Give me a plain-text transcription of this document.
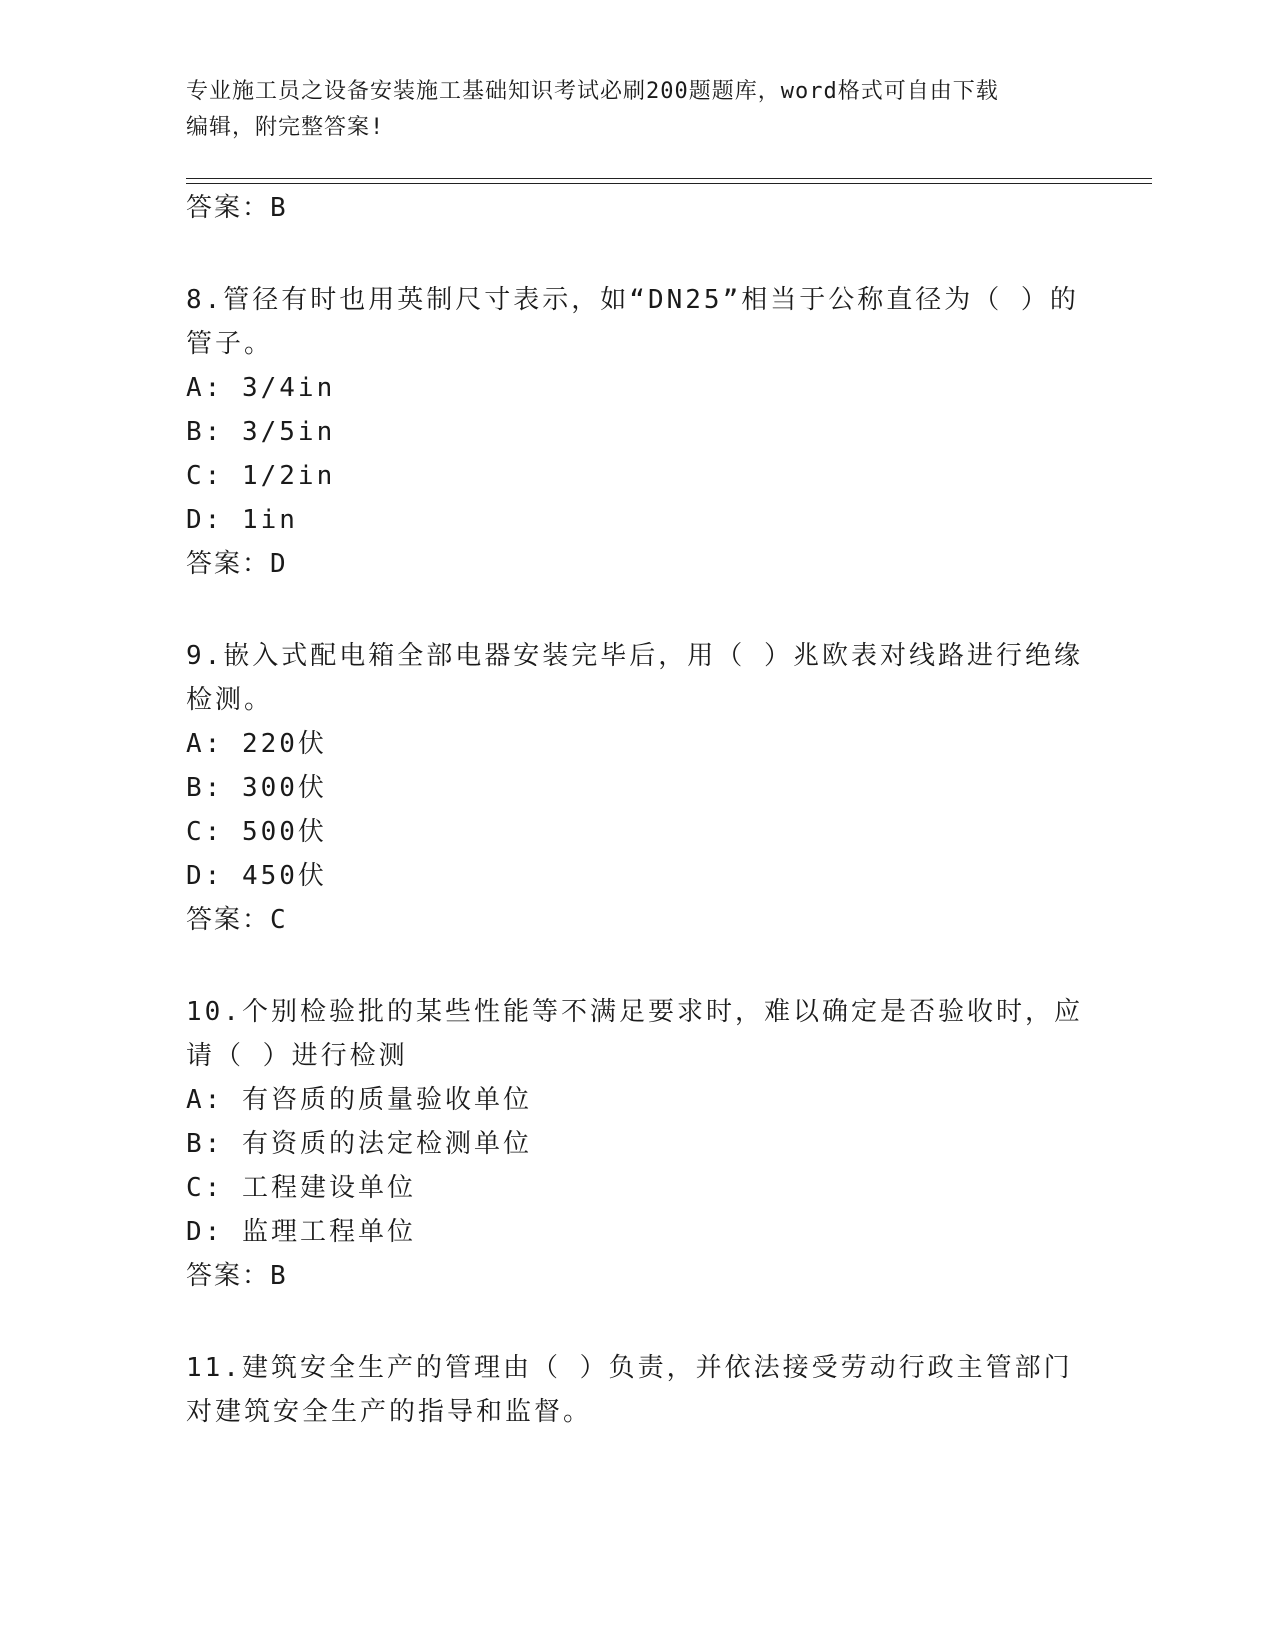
专业施工员之设备安装施工基础知识考试必刷200题题库，word格式可自由下载
编辑，附完整答案!
答案：B
8.管径有时也用英制尺寸表示，如“DN25”相当于公称直径为（ ）的
管子。
A: 3/4in
B: 3/5in
C: 1/2in
D: 1in
答案：D
9.嵌入式配电箱全部电器安装完毕后，用（ ）兆欧表对线路进行绝缘
检测。
A: 220伏
B: 300伏
C: 500伏
D: 450伏
答案：C
10.个别检验批的某些性能等不满足要求时，难以确定是否验收时，应
请（ ）进行检测
A: 有咨质的质量验收单位
B: 有资质的法定检测单位
C: 工程建设单位
D: 监理工程单位
答案：B
11.建筑安全生产的管理由（ ）负责，并依法接受劳动行政主管部门
对建筑安全生产的指导和监督。
